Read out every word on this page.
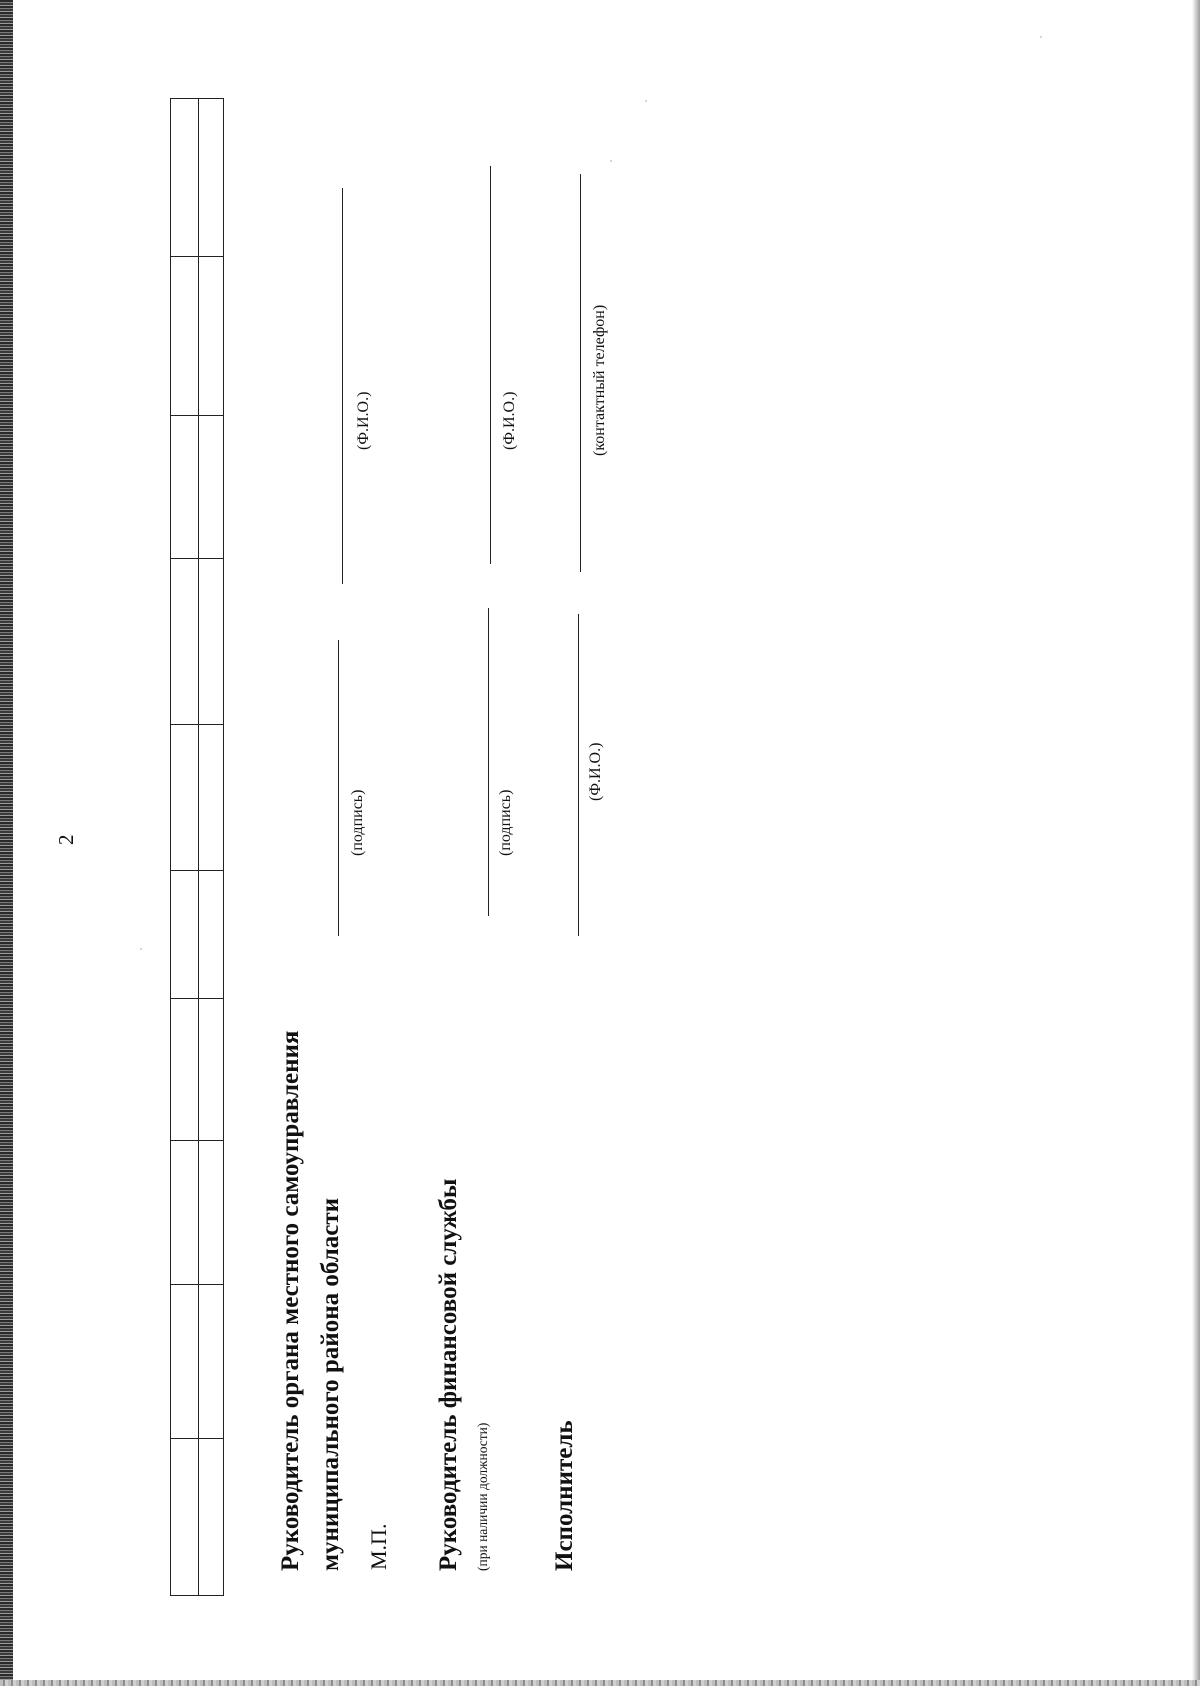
2
Руководитель органа местного самоуправления муниципального района области
(подпись)
(Ф.И.О.)
М.П. Руководитель финансовой службы (при наличии должности)
(подпись)
(Ф.И.О.)
Исполнитель
(Ф.И.О.)
(контактный телефон)
